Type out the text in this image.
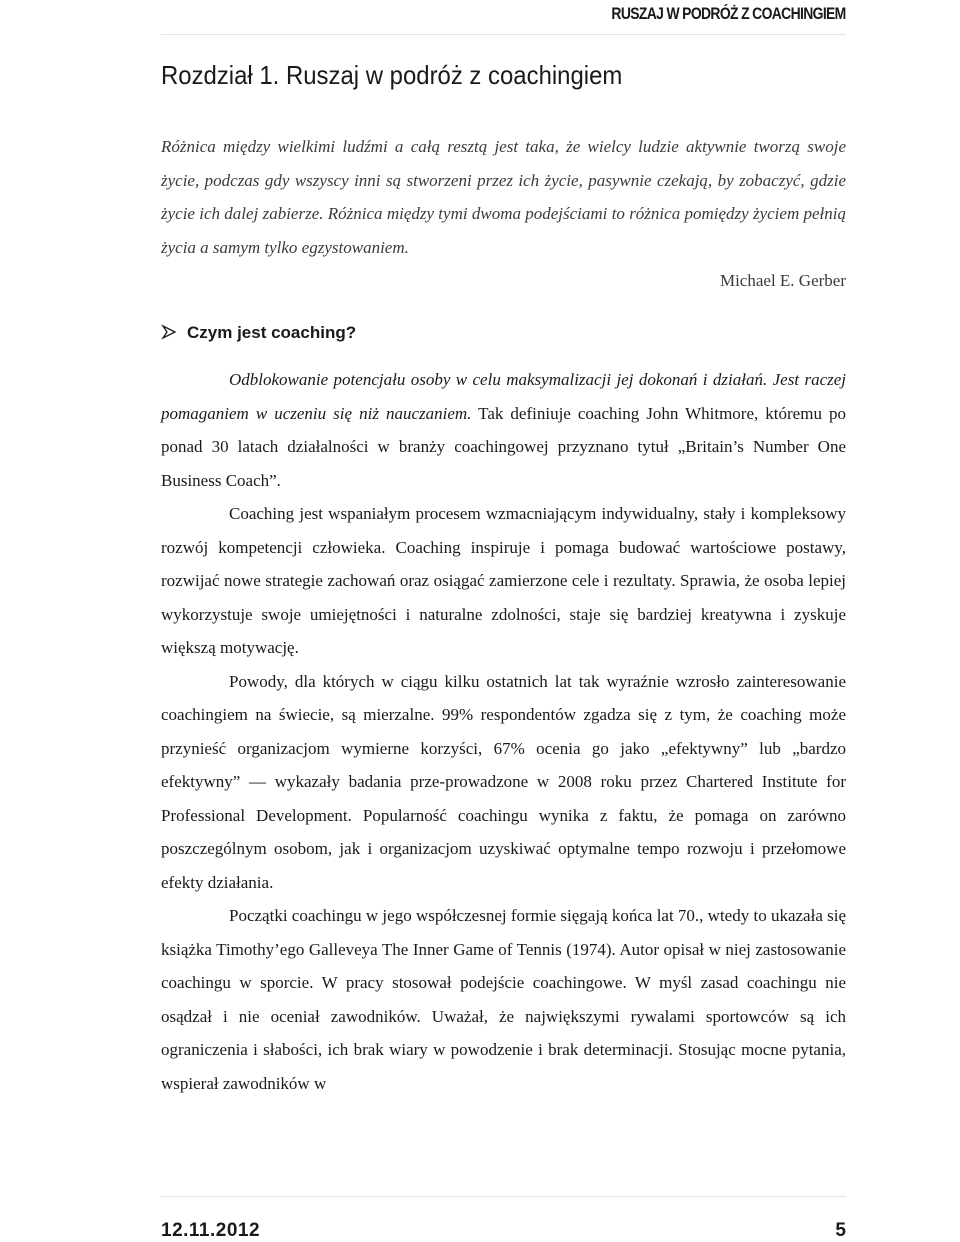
RUSZAJ W PODRÓŻ Z COACHINGIEM
Rozdział 1. Ruszaj w podróż z coachingiem

Różnica między wielkimi ludźmi a całą resztą jest taka, że wielcy ludzie aktywnie tworzą swoje życie, podczas gdy wszyscy inni są stworzeni przez ich życie, pasywnie czekają, by zobaczyć, gdzie życie ich dalej zabierze. Różnica między tymi dwoma podejściami to różnica pomiędzy życiem pełnią życia a samym tylko egzystowaniem.

Michael E. Gerber

Czym jest coaching?

Odblokowanie potencjału osoby w celu maksymalizacji jej dokonań i działań. Jest raczej pomaganiem w uczeniu się niż nauczaniem. Tak definiuje coaching John Whitmore, któremu po ponad 30 latach działalności w branży coachingowej przyznano tytuł „Britain’s Number One Business Coach”.

Coaching jest wspaniałym procesem wzmacniającym indywidualny, stały i kompleksowy rozwój kompetencji człowieka. Coaching inspiruje i pomaga budować wartościowe postawy, rozwijać nowe strategie zachowań oraz osiągać zamierzone cele i rezultaty. Sprawia, że osoba lepiej wykorzystuje swoje umiejętności i naturalne zdolności, staje się bardziej kreatywna i zyskuje większą motywację.

Powody, dla których w ciągu kilku ostatnich lat tak wyraźnie wzrosło zainteresowanie coachingiem na świecie, są mierzalne. 99% respondentów zgadza się z tym, że coaching może przynieść organizacjom wymierne korzyści, 67% ocenia go jako „efektywny” lub „bardzo efektywny” — wykazały badania prze-prowadzone w 2008 roku przez Chartered Institute for Professional Development. Popularność coachingu wynika z faktu, że pomaga on zarówno poszczególnym osobom, jak i organizacjom uzyskiwać optymalne tempo rozwoju i przełomowe efekty działania.

Początki coachingu w jego współczesnej formie sięgają końca lat 70., wtedy to ukazała się książka Timothy’ego Galleveya The Inner Game of Tennis (1974). Autor opisał w niej zastosowanie coachingu w sporcie. W pracy stosował podejście coachingowe. W myśl zasad coachingu nie osądzał i nie oceniał zawodników. Uważał, że największymi rywalami sportowców są ich ograniczenia i słabości, ich brak wiary w powodzenie i brak determinacji. Stosując mocne pytania, wspierał zawodników w

12.11.2012	5
